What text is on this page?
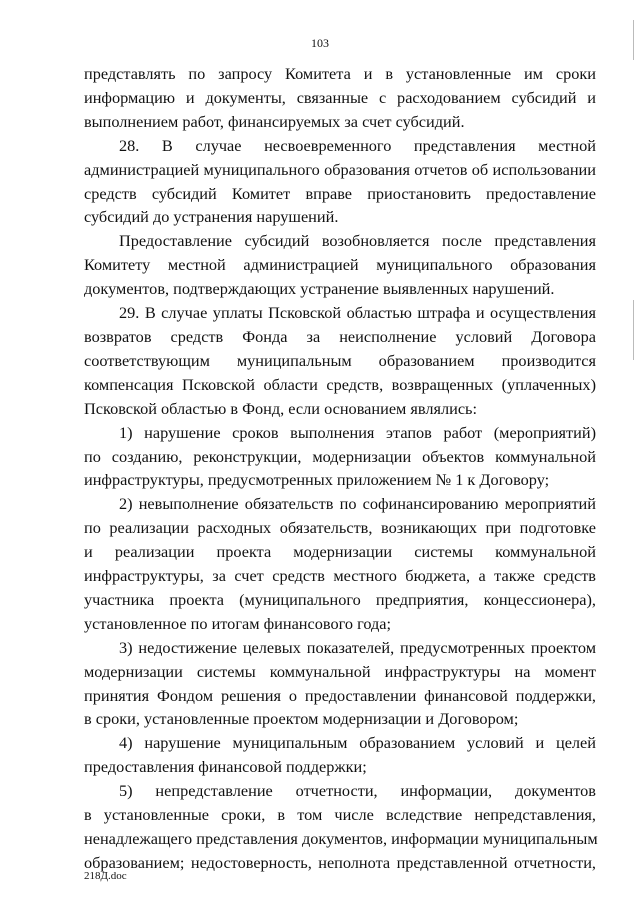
103
представлять по запросу Комитета и в установленные им сроки
информацию и документы, связанные с расходованием субсидий и
выполнением работ, финансируемых за счет субсидий.
28. В случае несвоевременного представления местной
администрацией муниципального образования отчетов об использовании
средств субсидий Комитет вправе приостановить предоставление
субсидий до устранения нарушений.
Предоставление субсидий возобновляется после представления
Комитету местной администрацией муниципального образования
документов, подтверждающих устранение выявленных нарушений.
29. В случае уплаты Псковской областью штрафа и осуществления
возвратов средств Фонда за неисполнение условий Договора
соответствующим муниципальным образованием производится
компенсация Псковской области средств, возвращенных (уплаченных)
Псковской областью в Фонд, если основанием являлись:
1) нарушение сроков выполнения этапов работ (мероприятий)
по созданию, реконструкции, модернизации объектов коммунальной
инфраструктуры, предусмотренных приложением № 1 к Договору;
2) невыполнение обязательств по софинансированию мероприятий
по реализации расходных обязательств, возникающих при подготовке
и реализации проекта модернизации системы коммунальной
инфраструктуры, за счет средств местного бюджета, а также средств
участника проекта (муниципального предприятия, концессионера),
установленное по итогам финансового года;
3) недостижение целевых показателей, предусмотренных проектом
модернизации системы коммунальной инфраструктуры на момент
принятия Фондом решения о предоставлении финансовой поддержки,
в сроки, установленные проектом модернизации и Договором;
4) нарушение муниципальным образованием условий и целей
предоставления финансовой поддержки;
5) непредставление отчетности, информации, документов
в установленные сроки, в том числе вследствие непредставления,
ненадлежащего представления документов, информации муниципальным
образованием; недостоверность, неполнота представленной отчетности,
218Д.doc
